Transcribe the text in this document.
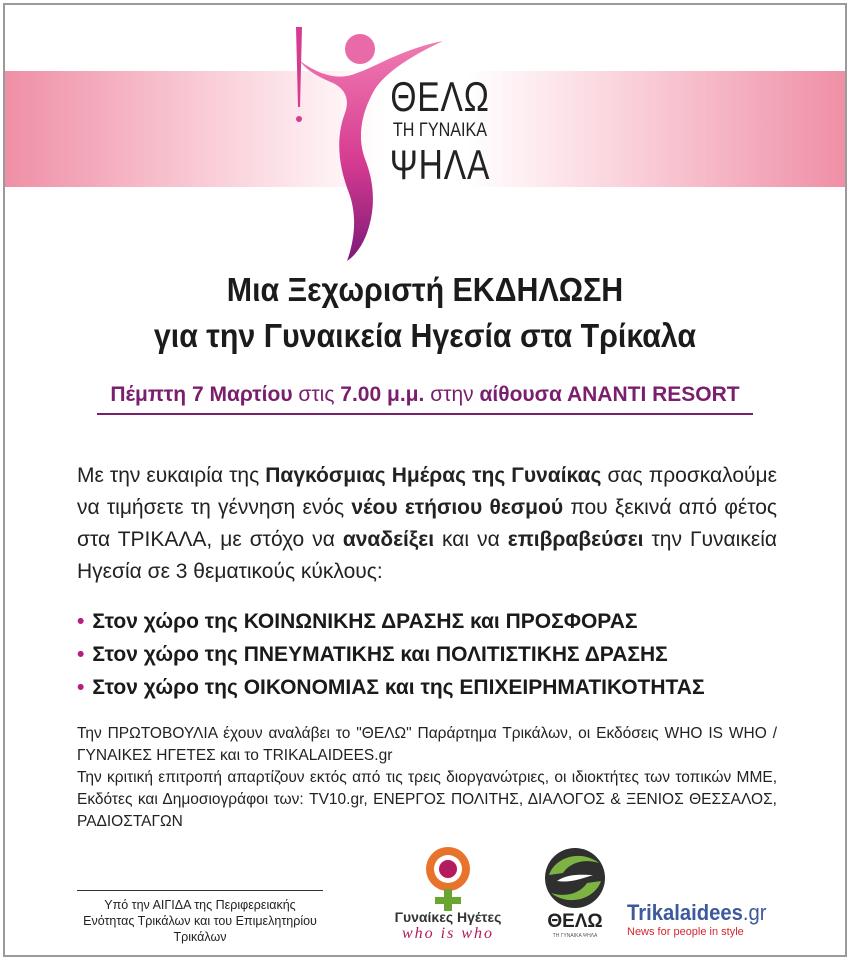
ΘΕΛΩ
ΤΗ ΓΥΝΑΙΚΑ
ΨΗΛΑ
Μια Ξεχωριστή ΕΚΔΗΛΩΣΗ
για την Γυναικεία Ηγεσία στα Τρίκαλα
Πέμπτη 7 Μαρτίου στις 7.00 μ.μ. στην αίθουσα ΑΝΑΝΤΙ RESORT
Με την ευκαιρία της Παγκόσμιας Ημέρας της Γυναίκας σας προσκαλούμε να τιμήσετε τη γέννηση ενός νέου ετήσιου θεσμού που ξεκινά από φέτος στα ΤΡΙΚΑΛΑ, με στόχο να αναδείξει και να επιβραβεύσει την Γυναικεία Ηγεσία σε 3 θεματικούς κύκλους:
• Στον χώρο της ΚΟΙΝΩΝΙΚΗΣ ΔΡΑΣΗΣ και ΠΡΟΣΦΟΡΑΣ
• Στον χώρο της ΠΝΕΥΜΑΤΙΚΗΣ και ΠΟΛΙΤΙΣΤΙΚΗΣ ΔΡΑΣΗΣ
• Στον χώρο της ΟΙΚΟΝΟΜΙΑΣ και της ΕΠΙΧΕΙΡΗΜΑΤΙΚΟΤΗΤΑΣ
Την ΠΡΩΤΟΒΟΥΛΙΑ έχουν αναλάβει το "ΘΕΛΩ" Παράρτημα Τρικάλων, οι Εκδόσεις WHO IS WHO / ΓΥΝΑΙΚΕΣ ΗΓΕΤΕΣ και το TRIKALAIDEES.gr
Την κριτική επιτροπή απαρτίζουν εκτός από τις τρεις διοργανώτριες, οι ιδιοκτήτες των τοπικών ΜΜΕ, Εκδότες και Δημοσιογράφοι των: TV10.gr, ΕΝΕΡΓΟΣ ΠΟΛΙΤΗΣ, ΔΙΑΛΟΓΟΣ & ΞΕΝΙΟΣ ΘΕΣΣΑΛΟΣ, ΡΑΔΙΟΣΤΑΓΩΝ
Υπό την ΑΙΓΙΔΑ της Περιφερειακής Ενότητας Τρικάλων και του Επιμελητηρίου Τρικάλων
Γυναίκες Ηγέτες
who is who
ΘΕΛΩ
ΤΗ ΓΥΝΑΙΚΑ ΨΗΛΑ
Trikalaidees.gr
News for people in style
